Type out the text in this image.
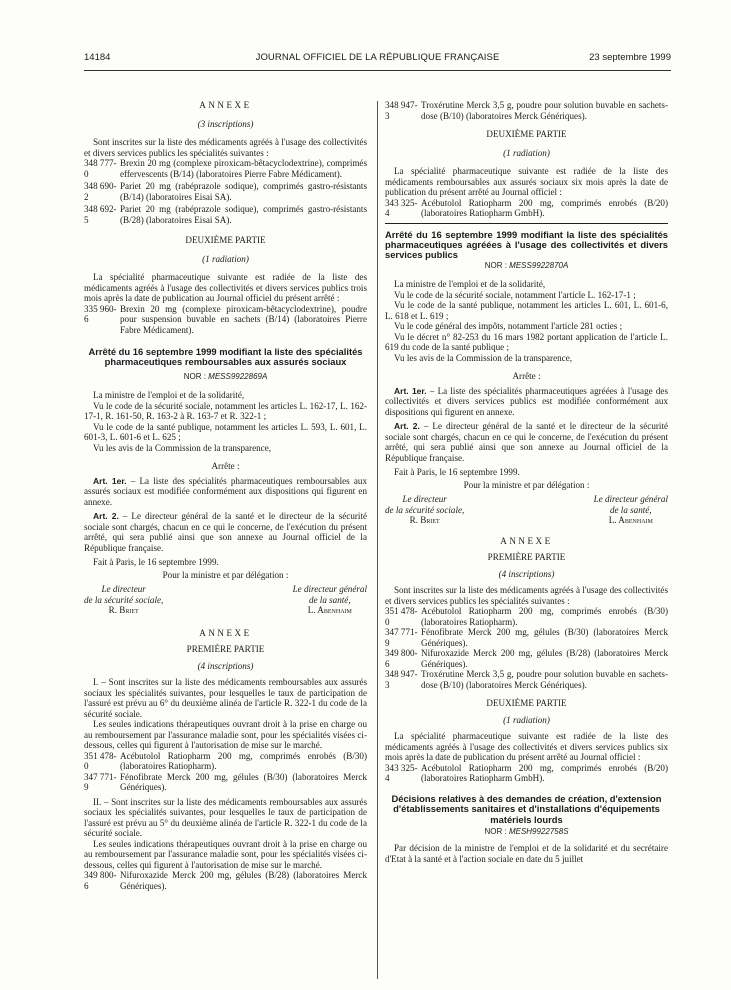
14184	JOURNAL OFFICIEL DE LA RÉPUBLIQUE FRANÇAISE	23 septembre 1999

ANNEXE

(3 inscriptions)

Sont inscrites sur la liste des médicaments agréés à l'usage des collectivités et divers services publics les spécialités suivantes :

348 777-0
Brexin 20 mg (complexe piroxicam-bêtacyclodextrine), comprimés effervescents (B/14) (laboratoires Pierre Fabre Médicament).
348 690-2
Pariet 20 mg (rabéprazole sodique), comprimés gastro-résistants (B/14) (laboratoires Eisai SA).
348 692-5
Pariet 20 mg (rabéprazole sodique), comprimés gastro-résistants (B/28) (laboratoires Eisai SA).

DEUXIÈME PARTIE

(1 radiation)

La spécialité pharmaceutique suivante est radiée de la liste des médicaments agréés à l'usage des collectivités et divers services publics trois mois après la date de publication au Journal officiel du présent arrêté :

335 960-6
Brexin 20 mg (complexe piroxicam-bêtacyclodextrine), poudre pour suspension buvable en sachets (B/14) (laboratoires Pierre Fabre Médicament).

Arrêté du 16 septembre 1999 modifiant la liste des spécialités pharmaceutiques remboursables aux assurés sociaux

NOR : MESS9922869A

La ministre de l'emploi et de la solidarité,

Vu le code de la sécurité sociale, notamment les articles L. 162-17, L. 162-17-1, R. 161-50, R. 163-2 à R. 163-7 et R. 322-1 ;

Vu le code de la santé publique, notamment les articles L. 593, L. 601, L. 601-3, L. 601-6 et L. 625 ;

Vu les avis de la Commission de la transparence,

Arrête :

Art. 1er. – La liste des spécialités pharmaceutiques remboursables aux assurés sociaux est modifiée conformément aux dispositions qui figurent en annexe.

Art. 2. – Le directeur général de la santé et le directeur de la sécurité sociale sont chargés, chacun en ce qui le concerne, de l'exécution du présent arrêté, qui sera publié ainsi que son annexe au Journal officiel de la République française.

Fait à Paris, le 16 septembre 1999.

Pour la ministre et par délégation :

Le directeur
de la sécurité sociale,
R. Briet
Le directeur général
de la santé,
L. Abenhaim

ANNEXE

PREMIÈRE PARTIE

(4 inscriptions)

I. – Sont inscrites sur la liste des médicaments remboursables aux assurés sociaux les spécialités suivantes, pour lesquelles le taux de participation de l'assuré est prévu au 6° du deuxième alinéa de l'article R. 322-1 du code de la sécurité sociale.

Les seules indications thérapeutiques ouvrant droit à la prise en charge ou au remboursement par l'assurance maladie sont, pour les spécialités visées ci-dessous, celles qui figurent à l'autorisation de mise sur le marché.

351 478-0
Acébutolol Ratiopharm 200 mg, comprimés enrobés (B/30) (laboratoires Ratiopharm).
347 771-9
Fénofibrate Merck 200 mg, gélules (B/30) (laboratoires Merck Génériques).

II. – Sont inscrites sur la liste des médicaments remboursables aux assurés sociaux les spécialités suivantes, pour lesquelles le taux de participation de l'assuré est prévu au 5° du deuxième alinéa de l'article R. 322-1 du code de la sécurité sociale.

Les seules indications thérapeutiques ouvrant droit à la prise en charge ou au remboursement par l'assurance maladie sont, pour les spécialités visées ci-dessous, celles qui figurent à l'autorisation de mise sur le marché.

349 800-6
Nifuroxazide Merck 200 mg, gélules (B/28) (laboratoires Merck Génériques).
348 947-3
Troxérutine Merck 3,5 g, poudre pour solution buvable en sachets-dose (B/10) (laboratoires Merck Génériques).

DEUXIÈME PARTIE

(1 radiation)

La spécialité pharmaceutique suivante est radiée de la liste des médicaments remboursables aux assurés sociaux six mois après la date de publication du présent arrêté au Journal officiel :

343 325-4
Acébutolol Ratiopharm 200 mg, comprimés enrobés (B/20) (laboratoires Ratiopharm GmbH).

Arrêté du 16 septembre 1999 modifiant la liste des spécialités pharmaceutiques agréées à l'usage des collectivités et divers services publics

NOR : MESS9922870A

La ministre de l'emploi et de la solidarité,

Vu le code de la sécurité sociale, notamment l'article L. 162-17-1 ;

Vu le code de la santé publique, notamment les articles L. 601, L. 601-6, L. 618 et L. 619 ;

Vu le code général des impôts, notamment l'article 281 octies ;

Vu le décret n° 82-253 du 16 mars 1982 portant application de l'article L. 619 du code de la santé publique ;

Vu les avis de la Commission de la transparence,

Arrête :

Art. 1er. – La liste des spécialités pharmaceutiques agréées à l'usage des collectivités et divers services publics est modifiée conformément aux dispositions qui figurent en annexe.

Art. 2. – Le directeur général de la santé et le directeur de la sécurité sociale sont chargés, chacun en ce qui le concerne, de l'exécution du présent arrêté, qui sera publié ainsi que son annexe au Journal officiel de la République française.

Fait à Paris, le 16 septembre 1999.

Pour la ministre et par délégation :

Le directeur
de la sécurité sociale,
R. Briet
Le directeur général
de la santé,
L. Abenhaim

ANNEXE

PREMIÈRE PARTIE

(4 inscriptions)

Sont inscrites sur la liste des médicaments agréés à l'usage des collectivités et divers services publics les spécialités suivantes :

351 478-0
Acébutolol Ratiopharm 200 mg, comprimés enrobés (B/30) (laboratoires Ratiopharm).
347 771-9
Fénofibrate Merck 200 mg, gélules (B/30) (laboratoires Merck Génériques).
349 800-6
Nifuroxazide Merck 200 mg, gélules (B/28) (laboratoires Merck Génériques).
348 947-3
Troxérutine Merck 3,5 g, poudre pour solution buvable en sachets-dose (B/10) (laboratoires Merck Génériques).

DEUXIÈME PARTIE

(1 radiation)

La spécialité pharmaceutique suivante est radiée de la liste des médicaments agréés à l'usage des collectivités et divers services publics six mois après la date de publication du présent arrêté au Journal officiel :

343 325-4
Acébutolol Ratiopharm 200 mg, comprimés enrobés (B/20) (laboratoires Ratiopharm GmbH).

Décisions relatives à des demandes de création, d'extension d'établissements sanitaires et d'installations d'équipements matériels lourds

NOR : MESH9922758S

Par décision de la ministre de l'emploi et de la solidarité et du secrétaire d'Etat à la santé et à l'action sociale en date du 5 juillet
